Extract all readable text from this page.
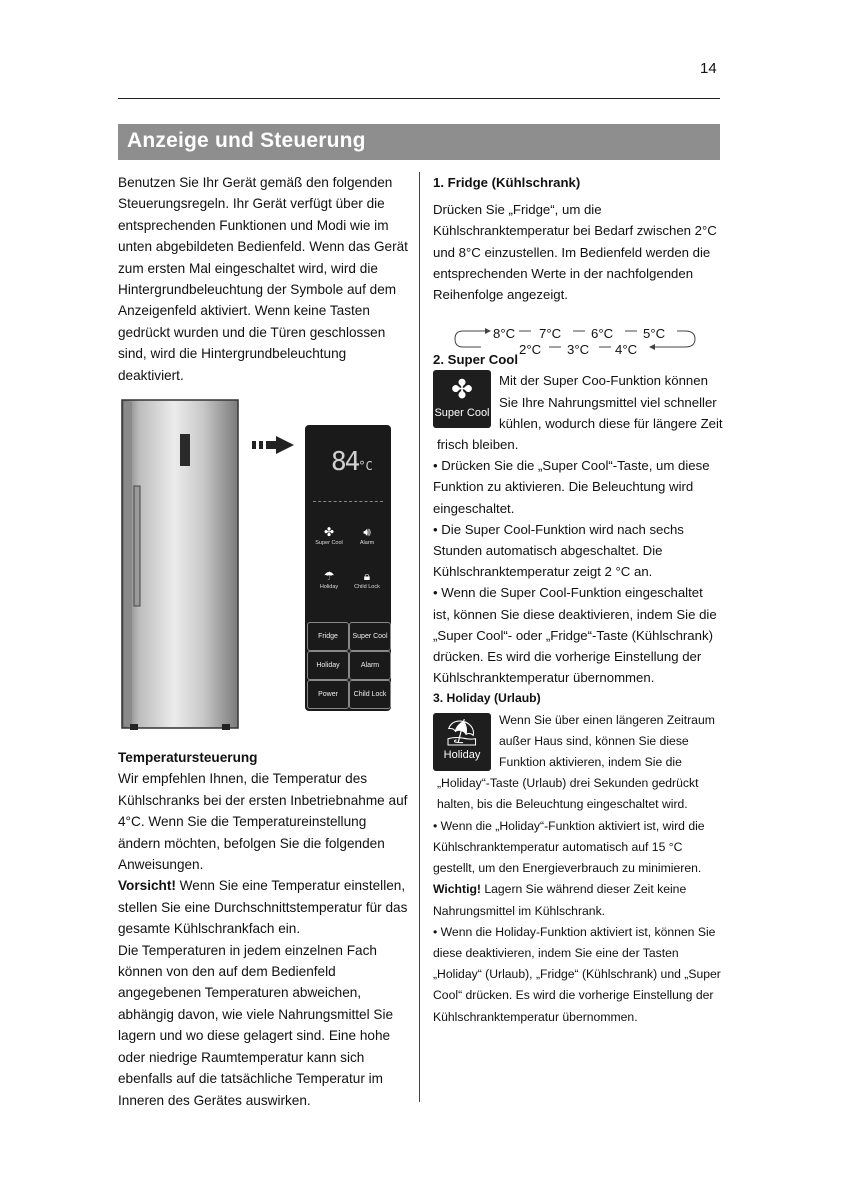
14
Anzeige und Steuerung

Benutzen Sie Ihr Gerät gemäß den folgenden Steuerungsregeln. Ihr Gerät verfügt über die entsprechenden Funktionen und Modi wie im unten abgebildeten Bedienfeld. Wenn das Gerät zum ersten Mal eingeschaltet wird, wird die Hintergrundbeleuchtung der Symbole auf dem Anzeigenfeld aktiviert. Wenn keine Tasten gedrückt wurden und die Türen geschlossen sind, wird die Hintergrundbeleuchtung deaktiviert.

84°C
✤
Super Cool
🔊︎
Alarm
☂
Holiday
🔒︎
Child Lock
Fridge	Super Cool
Holiday	Alarm
Power	Child Lock

Temperatursteuerung

Wir empfehlen Ihnen, die Temperatur des Kühlschranks bei der ersten Inbetriebnahme auf 4°C. Wenn Sie die Temperatureinstellung ändern möchten, befolgen Sie die folgenden Anweisungen.

Vorsicht! Wenn Sie eine Temperatur einstellen, stellen Sie eine Durchschnittstemperatur für das gesamte Kühlschrankfach ein.

Die Temperaturen in jedem einzelnen Fach können von den auf dem Bedienfeld angegebenen Temperaturen abweichen, abhängig davon, wie viele Nahrungsmittel Sie lagern und wo diese gelagert sind. Eine hohe oder niedrige Raumtemperatur kann sich ebenfalls auf die tatsächliche Temperatur im Inneren des Gerätes auswirken.

1. Fridge (Kühlschrank)

Drücken Sie „Fridge“, um die Kühlschranktemperatur bei Bedarf zwischen 2°C und 8°C einzustellen. Im Bedienfeld werden die entsprechenden Werte in der nachfolgenden Reihenfolge angezeigt.

8°C 7°C 6°C 5°C
2°C 3°C 4°C

2. Super Cool

✤
Super Cool

Mit der Super Coo-Funktion können Sie Ihre Nahrungsmittel viel schneller kühlen, wodurch diese für längere Zeit frisch bleiben.

• Drücken Sie die „Super Cool“-Taste, um diese Funktion zu aktivieren. Die Beleuchtung wird eingeschaltet.

• Die Super Cool-Funktion wird nach sechs Stunden automatisch abgeschaltet. Die Kühlschranktemperatur zeigt 2 °C an.

• Wenn die Super Cool-Funktion eingeschaltet ist, können Sie diese deaktivieren, indem Sie die „Super Cool“- oder „Fridge“-Taste (Kühlschrank) drücken. Es wird die vorherige Einstellung der Kühlschranktemperatur übernommen.

3. Holiday (Urlaub)

⛱
Holiday

Wenn Sie über einen längeren Zeitraum außer Haus sind, können Sie diese Funktion aktivieren, indem Sie die „Holiday“-Taste (Urlaub) drei Sekunden gedrückt halten, bis die Beleuchtung eingeschaltet wird.

• Wenn die „Holiday“-Funktion aktiviert ist, wird die Kühlschranktemperatur automatisch auf 15 °C gestellt, um den Energieverbrauch zu minimieren.

Wichtig! Lagern Sie während dieser Zeit keine Nahrungsmittel im Kühlschrank.

• Wenn die Holiday-Funktion aktiviert ist, können Sie diese deaktivieren, indem Sie eine der Tasten „Holiday“ (Urlaub), „Fridge“ (Kühlschrank) und „Super Cool“ drücken. Es wird die vorherige Einstellung der Kühlschranktemperatur übernommen.
